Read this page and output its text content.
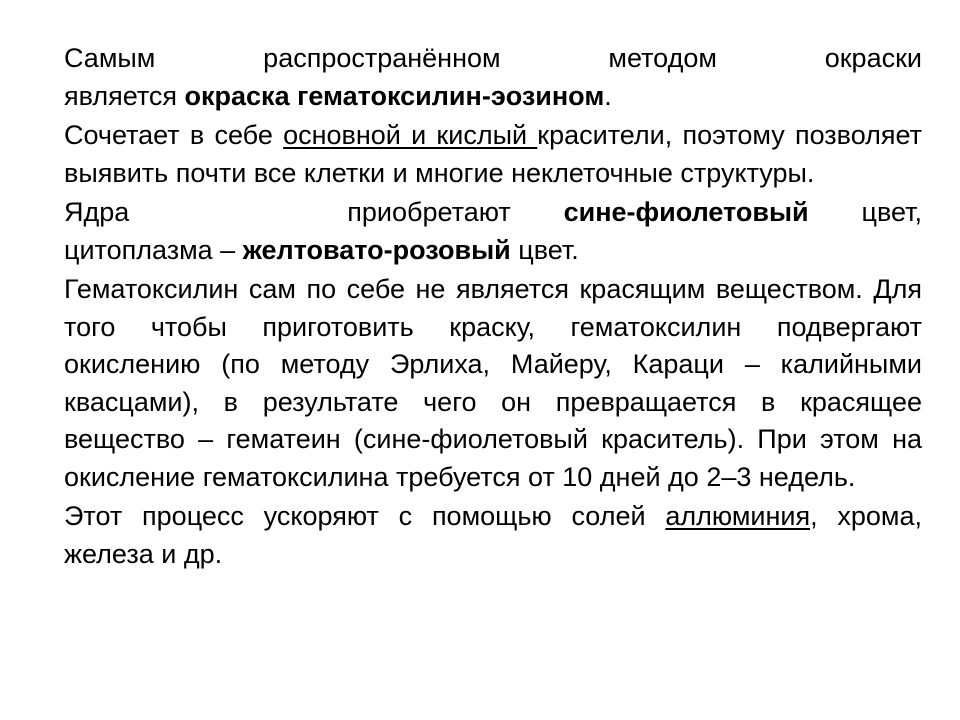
Самым распространённом методом окраски
является окраска гематоксилин-эозином.

Сочетает в себе основной и кислый красители, поэтому позволяет выявить почти все клетки и многие неклеточные структуры.

Ядра	приобретают сине-фиолетовый цвет, цитоплазма – желтовато-розовый цвет.

Гематоксилин сам по себе не является красящим веществом. Для того чтобы приготовить краску, гематоксилин подвергают окислению (по методу Эрлиха, Майеру, Караци – калийными квасцами), в результате чего он превращается в красящее вещество – гематеин (сине-фиолетовый краситель). При этом на окисление гематоксилина требуется от 10 дней до 2–3 недель.

Этот процесс ускоряют с помощью солей аллюминия, хрома, железа и др.
